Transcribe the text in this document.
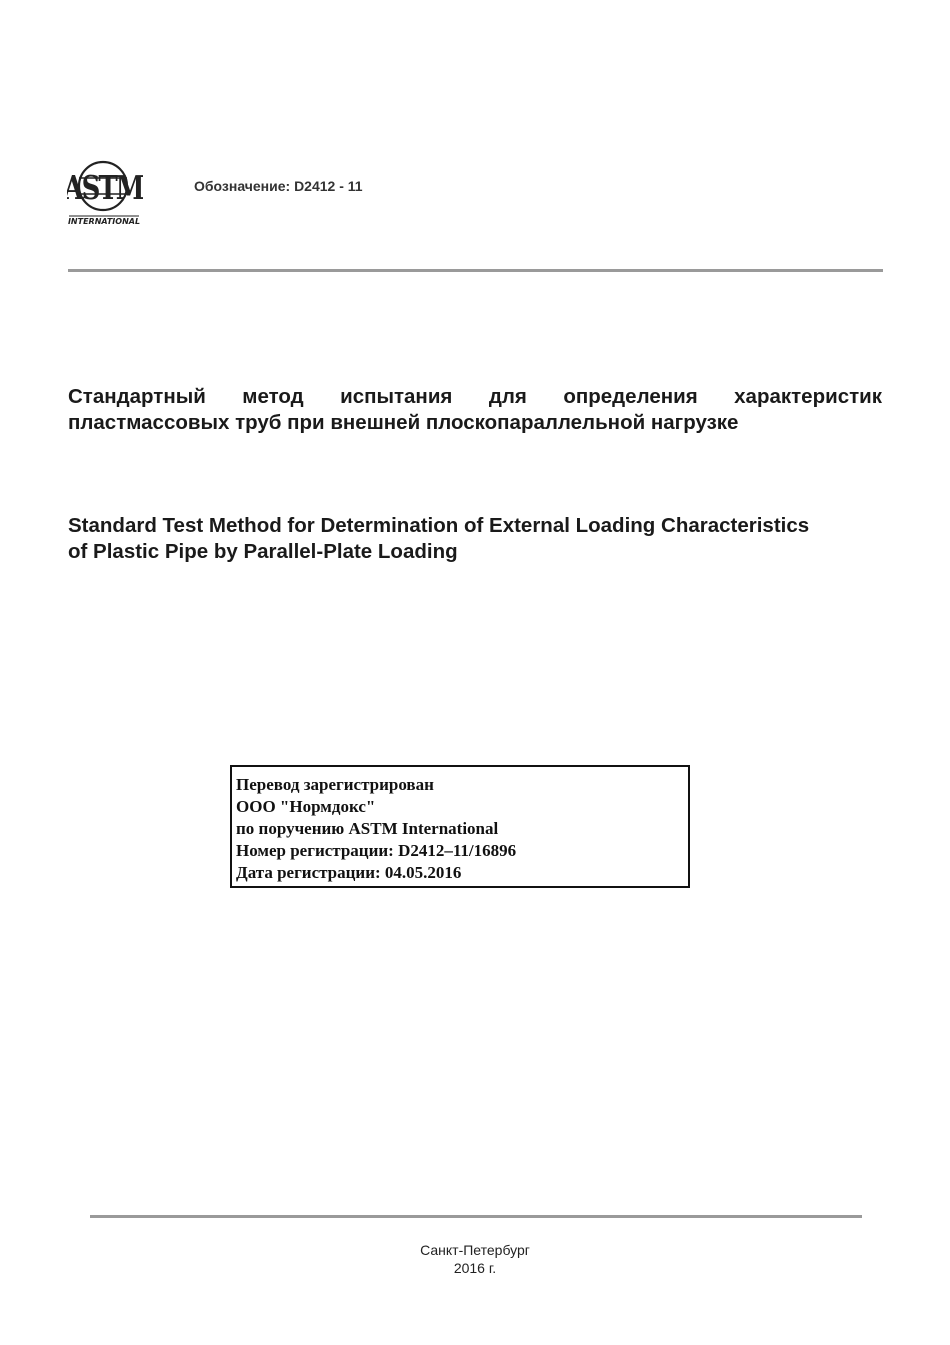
ASTM
INTERNATIONAL
Обозначение: D2412 - 11
Стандартный метод испытания для определения характеристик
пластмассовых труб при внешней плоскопараллельной нагрузке
Standard Test Method for Determination of External Loading Characteristics
of Plastic Pipe by Parallel-Plate Loading
Перевод зарегистрирован
ООО "Нормдокс"
по поручению ASTM International
Номер регистрации: D2412–11/16896
Дата регистрации: 04.05.2016
Санкт-Петербург
2016 г.
